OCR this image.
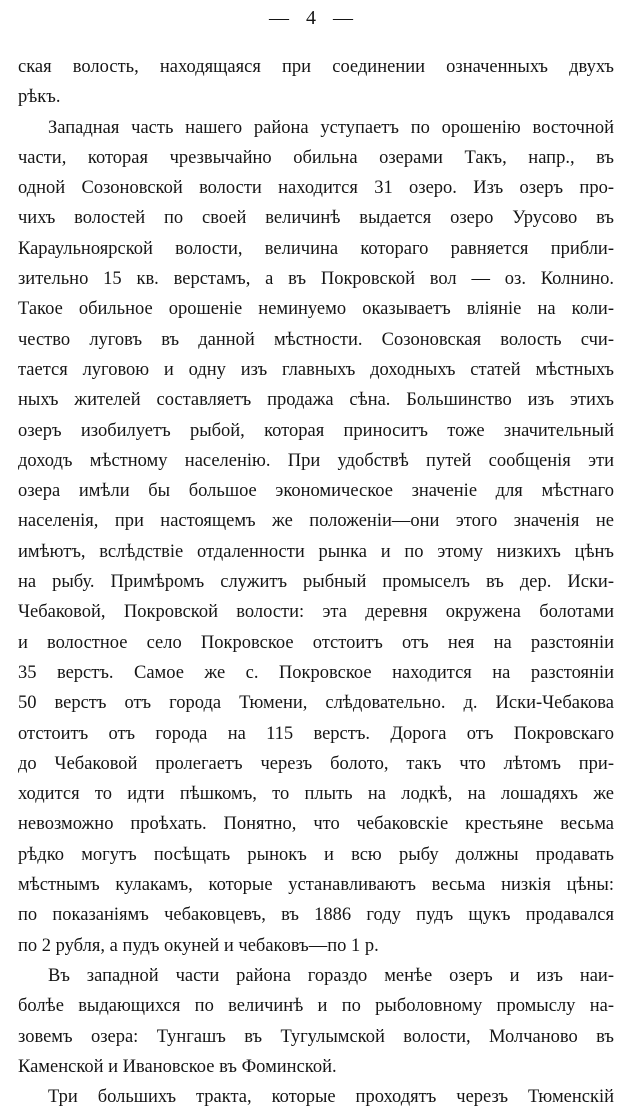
— 4 —
ская волость, находящаяся при соединении означенныхъ двухъ
рѣкъ.
Западная часть нашего района уступаетъ по орошенію восточной
части, которая чрезвычайно обильна озерами Такъ, напр., въ
одной Созоновской волости находится 31 озеро. Изъ озеръ про-
чихъ волостей по своей величинѣ выдается озеро Урусово въ
Караульноярской волости, величина котораго равняется прибли-
зительно 15 кв. верстамъ, а въ Покровской вол — оз. Колнино.
Такое обильное орошеніе неминуемо оказываетъ вліяніе на коли-
чество луговъ въ данной мѣстности. Созоновская волость счи-
тается луговою и одну изъ главныхъ доходныхъ статей мѣстныхъ
ныхъ жителей составляетъ продажа сѣна. Большинство изъ этихъ
озеръ изобилуетъ рыбой, которая приноситъ тоже значительный
доходъ мѣстному населенію. При удобствѣ путей сообщенія эти
озера имѣли бы большое экономическое значеніе для мѣстнаго
населенія, при настоящемъ же положеніи—они этого значенія не
имѣютъ, вслѣдствіе отдаленности рынка и по этому низкихъ цѣнъ
на рыбу. Примѣромъ служитъ рыбный промыселъ въ дер. Иски-
Чебаковой, Покровской волости: эта деревня окружена болотами
и волостное село Покровское отстоитъ отъ нея на разстояніи
35 верстъ. Самое же с. Покровское находится на разстояніи
50 верстъ отъ города Тюмени, слѣдовательно. д. Иски-Чебакова
отстоитъ отъ города на 115 верстъ. Дорога отъ Покровскаго
до Чебаковой пролегаетъ черезъ болото, такъ что лѣтомъ при-
ходится то идти пѣшкомъ, то плыть на лодкѣ, на лошадяхъ же
невозможно проѣхать. Понятно, что чебаковскіе крестьяне весьма
рѣдко могутъ посѣщать рынокъ и всю рыбу должны продавать
мѣстнымъ кулакамъ, которые устанавливаютъ весьма низкія цѣны:
по показаніямъ чебаковцевъ, въ 1886 году пудъ щукъ продавался
по 2 рубля, а пудъ окуней и чебаковъ—по 1 р.
Въ западной части района гораздо менѣе озеръ и изъ наи-
болѣе выдающихся по величинѣ и по рыболовному промыслу на-
зовемъ озера: Тунгашъ въ Тугулымской волости, Молчаново въ
Каменской и Ивановское въ Фоминской.
Три большихъ тракта, которые проходятъ черезъ Тюменскій
